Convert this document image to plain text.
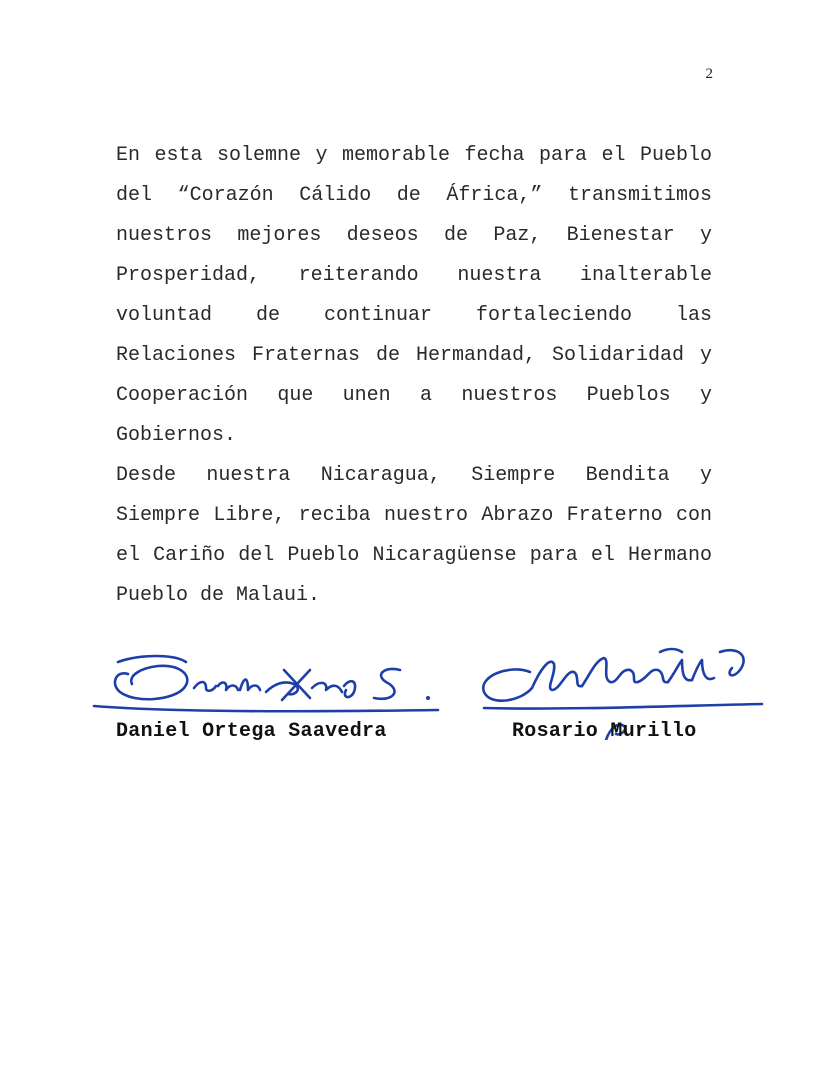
2

En esta solemne y memorable fecha para el Pueblo del “Corazón Cálido de África,” transmitimos nuestros mejores deseos de Paz, Bienestar y Prosperidad, reiterando nuestra inalterable voluntad de continuar fortaleciendo las Relaciones Fraternas de Hermandad, Solidaridad y Cooperación que unen a nuestros Pueblos y Gobiernos.

Desde nuestra Nicaragua, Siempre Bendita y Siempre Libre, reciba nuestro Abrazo Fraterno con el Cariño del Pueblo Nicaragüense para el Hermano Pueblo de Malaui.

Daniel Ortega Saavedra	Rosario Murillo
